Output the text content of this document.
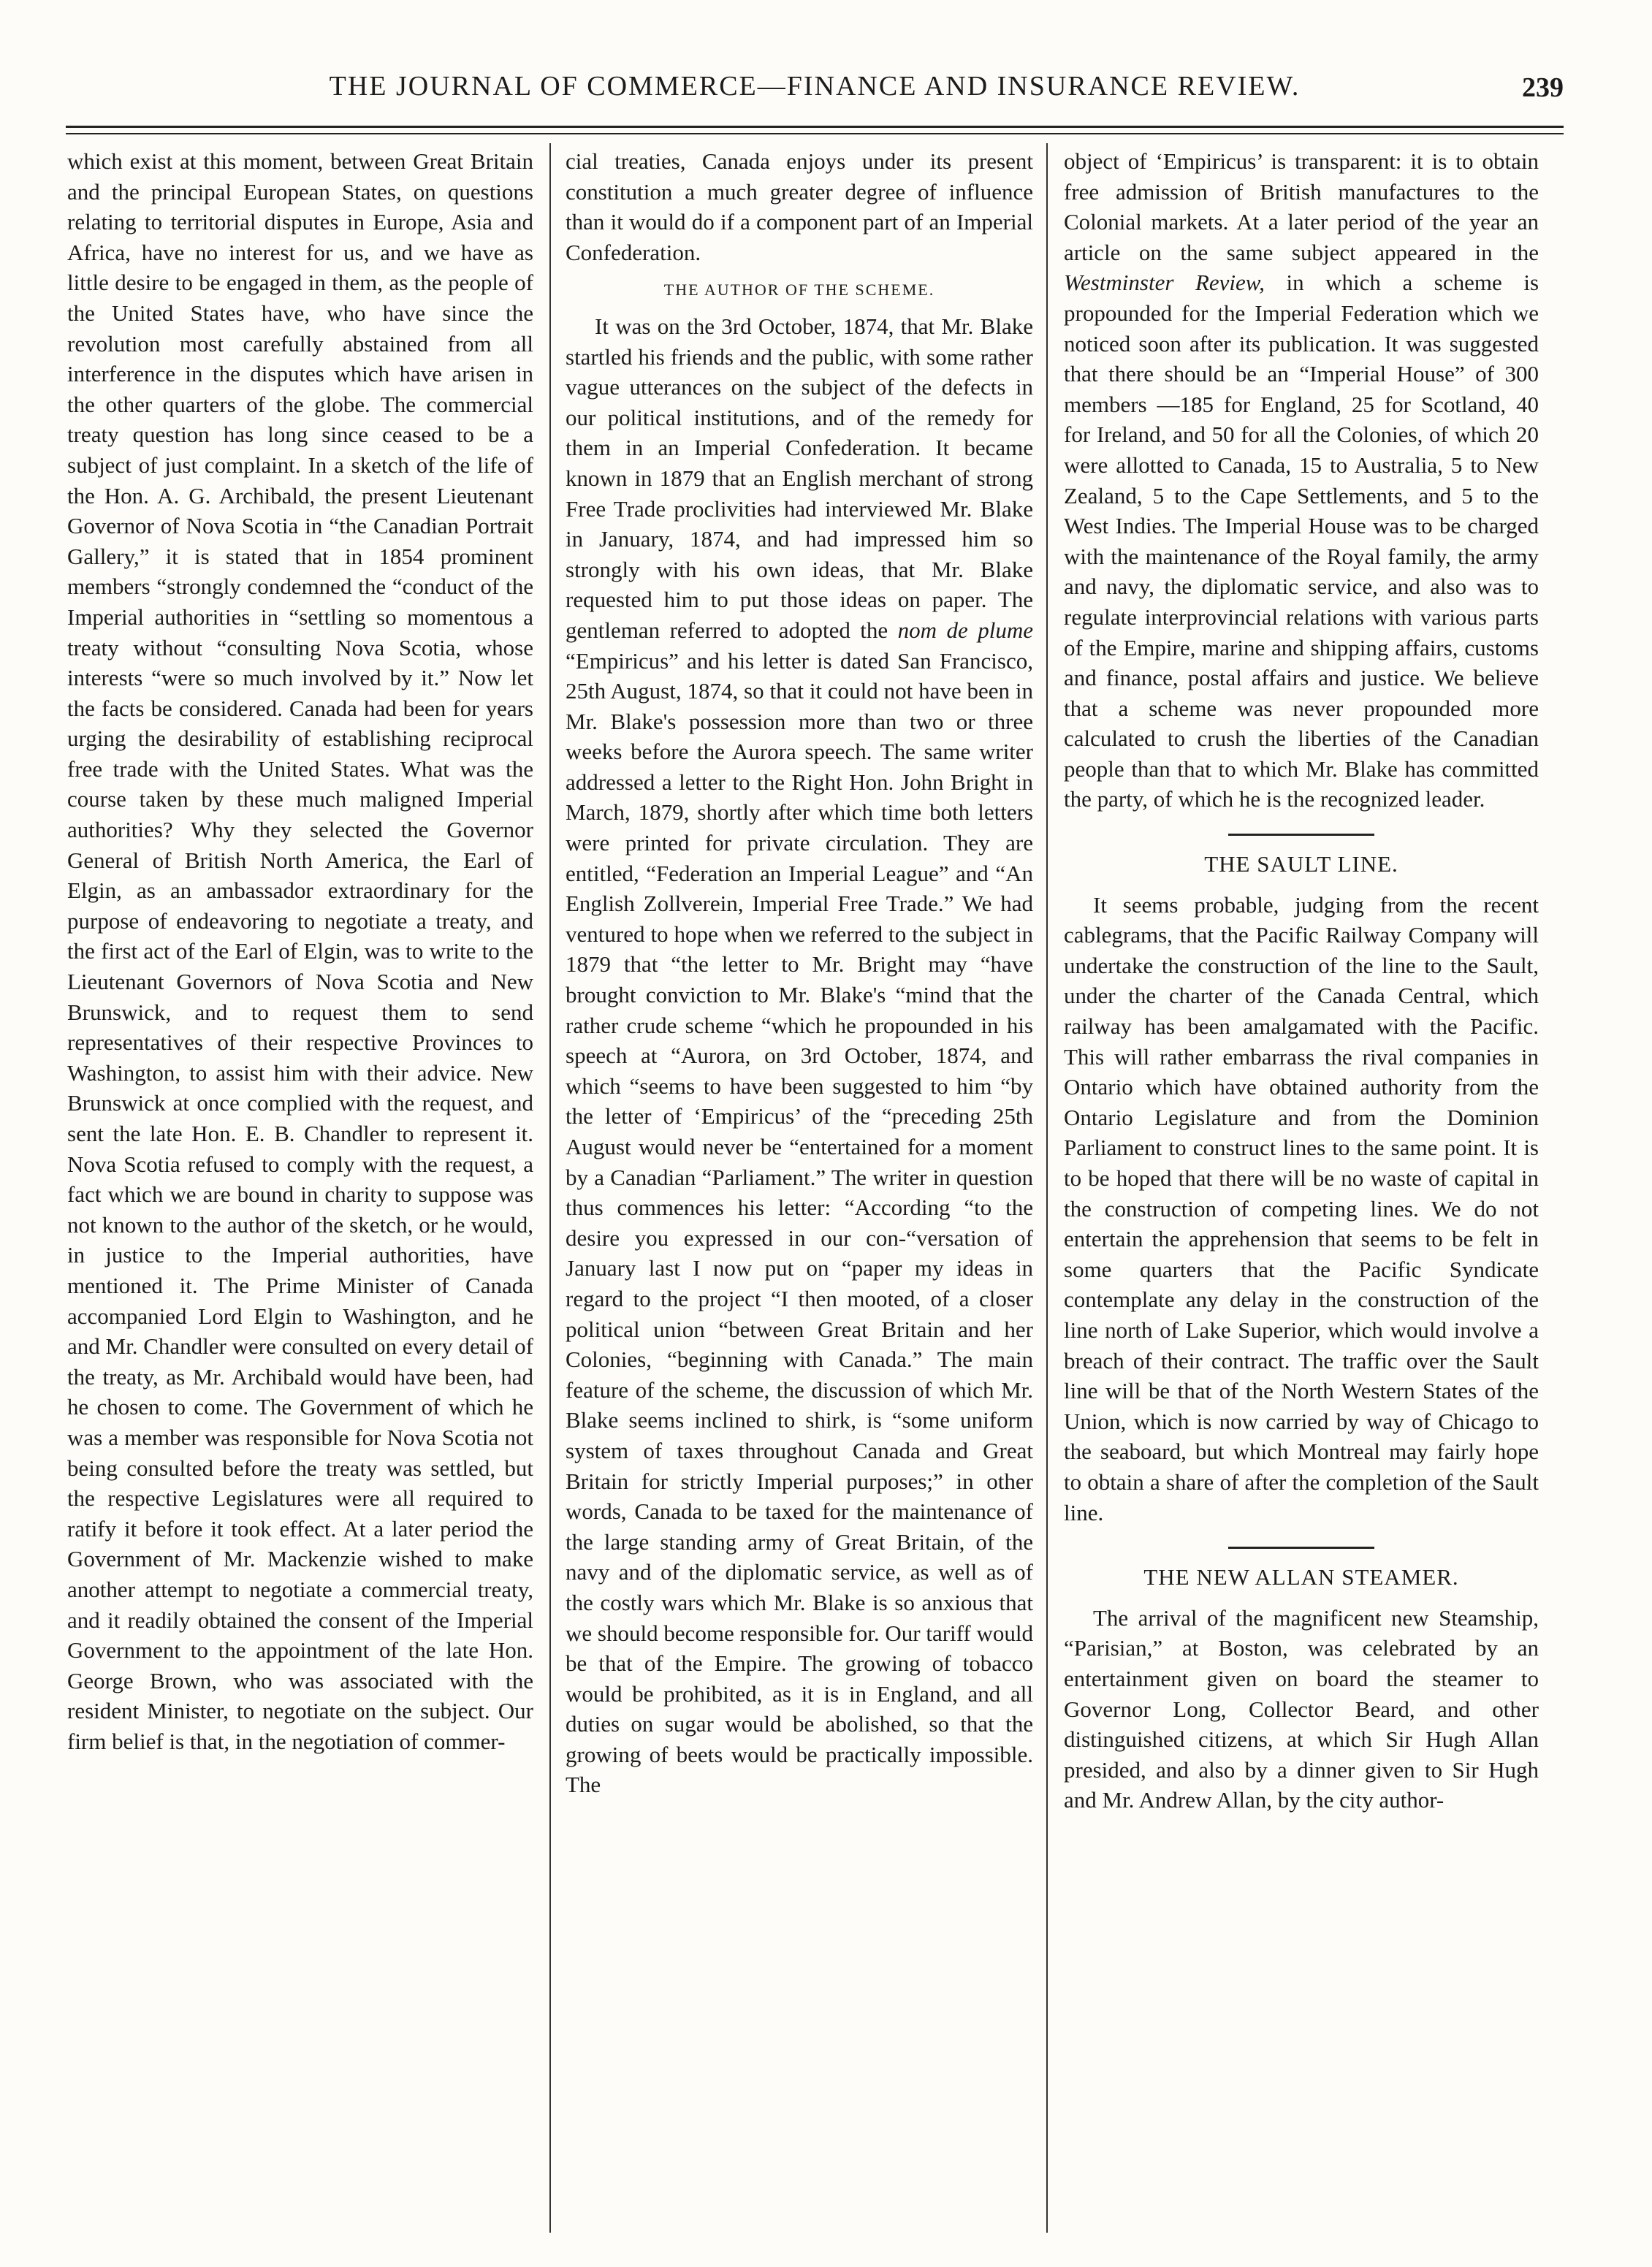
THE JOURNAL OF COMMERCE—FINANCE AND INSURANCE REVIEW.	239

which exist at this moment, between Great Britain and the principal European States, on questions relating to territorial disputes in Europe, Asia and Africa, have no interest for us, and we have as little desire to be engaged in them, as the people of the United States have, who have since the revolution most carefully abstained from all interference in the disputes which have arisen in the other quarters of the globe. The commercial treaty question has long since ceased to be a subject of just complaint. In a sketch of the life of the Hon. A. G. Archibald, the present Lieutenant Governor of Nova Scotia in “the Canadian Portrait Gallery,” it is stated that in 1854 prominent members “strongly condemned the “conduct of the Imperial authorities in “settling so momentous a treaty without “consulting Nova Scotia, whose interests “were so much involved by it.” Now let the facts be considered. Canada had been for years urging the desirability of establishing reciprocal free trade with the United States. What was the course taken by these much maligned Imperial authorities? Why they selected the Governor General of British North America, the Earl of Elgin, as an ambassador extraordinary for the purpose of endeavoring to negotiate a treaty, and the first act of the Earl of Elgin, was to write to the Lieutenant Governors of Nova Scotia and New Brunswick, and to request them to send representatives of their respective Provinces to Washington, to assist him with their advice. New Brunswick at once complied with the request, and sent the late Hon. E. B. Chandler to represent it. Nova Scotia refused to comply with the request, a fact which we are bound in charity to suppose was not known to the author of the sketch, or he would, in justice to the Imperial authorities, have mentioned it. The Prime Minister of Canada accompanied Lord Elgin to Washington, and he and Mr. Chandler were consulted on every detail of the treaty, as Mr. Archibald would have been, had he chosen to come. The Government of which he was a member was responsible for Nova Scotia not being consulted before the treaty was settled, but the respective Legislatures were all required to ratify it before it took effect. At a later period the Government of Mr. Mackenzie wished to make another attempt to negotiate a commercial treaty, and it readily obtained the consent of the Imperial Government to the appointment of the late Hon. George Brown, who was associated with the resident Minister, to negotiate on the subject. Our firm belief is that, in the negotiation of commer-

cial treaties, Canada enjoys under its present constitution a much greater degree of influence than it would do if a component part of an Imperial Confederation.

THE AUTHOR OF THE SCHEME.

It was on the 3rd October, 1874, that Mr. Blake startled his friends and the public, with some rather vague utterances on the subject of the defects in our political institutions, and of the remedy for them in an Imperial Confederation. It became known in 1879 that an English merchant of strong Free Trade proclivities had interviewed Mr. Blake in January, 1874, and had impressed him so strongly with his own ideas, that Mr. Blake requested him to put those ideas on paper. The gentleman referred to adopted the nom de plume “Empiricus” and his letter is dated San Francisco, 25th August, 1874, so that it could not have been in Mr. Blake's possession more than two or three weeks before the Aurora speech. The same writer addressed a letter to the Right Hon. John Bright in March, 1879, shortly after which time both letters were printed for private circulation. They are entitled, “Federation an Imperial League” and “An English Zollverein, Imperial Free Trade.” We had ventured to hope when we referred to the subject in 1879 that “the letter to Mr. Bright may “have brought conviction to Mr. Blake's “mind that the rather crude scheme “which he propounded in his speech at “Aurora, on 3rd October, 1874, and which “seems to have been suggested to him “by the letter of ‘Empiricus’ of the “preceding 25th August would never be “entertained for a moment by a Canadian “Parliament.” The writer in question thus commences his letter: “According “to the desire you expressed in our con-“versation of January last I now put on “paper my ideas in regard to the project “I then mooted, of a closer political union “between Great Britain and her Colonies, “beginning with Canada.” The main feature of the scheme, the discussion of which Mr. Blake seems inclined to shirk, is “some uniform system of taxes throughout Canada and Great Britain for strictly Imperial purposes;” in other words, Canada to be taxed for the maintenance of the large standing army of Great Britain, of the navy and of the diplomatic service, as well as of the costly wars which Mr. Blake is so anxious that we should become responsible for. Our tariff would be that of the Empire. The growing of tobacco would be prohibited, as it is in England, and all duties on sugar would be abolished, so that the growing of beets would be practically impossible. The

object of ‘Empiricus’ is transparent: it is to obtain free admission of British manufactures to the Colonial markets. At a later period of the year an article on the same subject appeared in the Westminster Review, in which a scheme is propounded for the Imperial Federation which we noticed soon after its publication. It was suggested that there should be an “Imperial House” of 300 members —185 for England, 25 for Scotland, 40 for Ireland, and 50 for all the Colonies, of which 20 were allotted to Canada, 15 to Australia, 5 to New Zealand, 5 to the Cape Settlements, and 5 to the West Indies. The Imperial House was to be charged with the maintenance of the Royal family, the army and navy, the diplomatic service, and also was to regulate interprovincial relations with various parts of the Empire, marine and shipping affairs, customs and finance, postal affairs and justice. We believe that a scheme was never propounded more calculated to crush the liberties of the Canadian people than that to which Mr. Blake has committed the party, of which he is the recognized leader.

THE SAULT LINE.

It seems probable, judging from the recent cablegrams, that the Pacific Railway Company will undertake the construction of the line to the Sault, under the charter of the Canada Central, which railway has been amalgamated with the Pacific. This will rather embarrass the rival companies in Ontario which have obtained authority from the Ontario Legislature and from the Dominion Parliament to construct lines to the same point. It is to be hoped that there will be no waste of capital in the construction of competing lines. We do not entertain the apprehension that seems to be felt in some quarters that the Pacific Syndicate contemplate any delay in the construction of the line north of Lake Superior, which would involve a breach of their contract. The traffic over the Sault line will be that of the North Western States of the Union, which is now carried by way of Chicago to the seaboard, but which Montreal may fairly hope to obtain a share of after the completion of the Sault line.

THE NEW ALLAN STEAMER.

The arrival of the magnificent new Steamship, “Parisian,” at Boston, was celebrated by an entertainment given on board the steamer to Governor Long, Collector Beard, and other distinguished citizens, at which Sir Hugh Allan presided, and also by a dinner given to Sir Hugh and Mr. Andrew Allan, by the city author-
